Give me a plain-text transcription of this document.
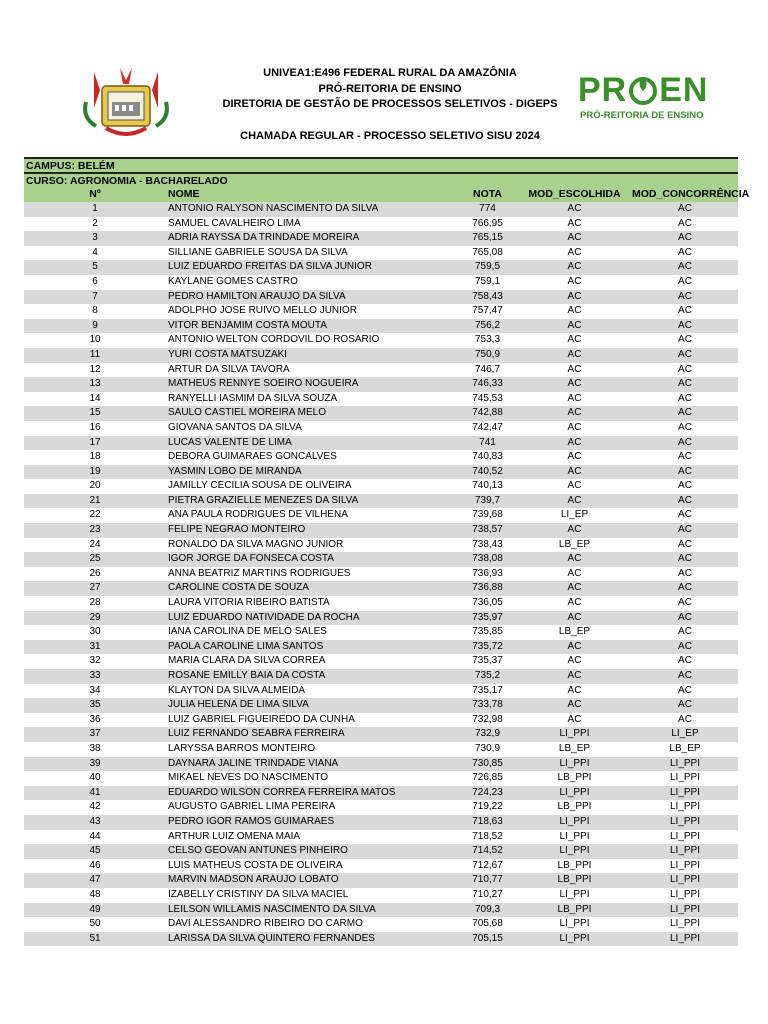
UNIVEA1:E496 FEDERAL RURAL DA AMAZÔNIA
PRÓ-REITORIA DE ENSINO
DIRETORIA DE GESTÃO DE PROCESSOS SELETIVOS - DIGEPS
CHAMADA REGULAR - PROCESSO SELETIVO SISU 2024
PR EN
PRÓ-REITORIA DE ENSINO
CAMPUS: BELÉM
CURSO: AGRONOMIA - BACHARELADO
Nº	NOME	NOTA	MOD_ESCOLHIDA	MOD_CONCORRÊNCIA
1	ANTONIO RALYSON NASCIMENTO DA SILVA	774	AC	AC
2	SAMUEL CAVALHEIRO LIMA	766,95	AC	AC
3	ADRIA RAYSSA DA TRINDADE MOREIRA	765,15	AC	AC
4	SILLIANE GABRIELE SOUSA DA SILVA	765,08	AC	AC
5	LUIZ EDUARDO FREITAS DA SILVA JUNIOR	759,5	AC	AC
6	KAYLANE GOMES CASTRO	759,1	AC	AC
7	PEDRO HAMILTON ARAUJO DA SILVA	758,43	AC	AC
8	ADOLPHO JOSE RUIVO MELLO JUNIOR	757,47	AC	AC
9	VITOR BENJAMIM COSTA MOUTA	756,2	AC	AC
10	ANTONIO WELTON CORDOVIL DO ROSARIO	753,3	AC	AC
11	YURI COSTA MATSUZAKI	750,9	AC	AC
12	ARTUR DA SILVA TAVORA	746,7	AC	AC
13	MATHEUS RENNYE SOEIRO NOGUEIRA	746,33	AC	AC
14	RANYELLI IASMIM DA SILVA SOUZA	745,53	AC	AC
15	SAULO CASTIEL MOREIRA MELO	742,88	AC	AC
16	GIOVANA SANTOS DA SILVA	742,47	AC	AC
17	LUCAS VALENTE DE LIMA	741	AC	AC
18	DEBORA GUIMARAES GONCALVES	740,83	AC	AC
19	YASMIN LOBO DE MIRANDA	740,52	AC	AC
20	JAMILLY CECILIA SOUSA DE OLIVEIRA	740,13	AC	AC
21	PIETRA GRAZIELLE MENEZES DA SILVA	739,7	AC	AC
22	ANA PAULA RODRIGUES DE VILHENA	739,68	LI_EP	AC
23	FELIPE NEGRAO MONTEIRO	738,57	AC	AC
24	RONALDO DA SILVA MAGNO JUNIOR	738,43	LB_EP	AC
25	IGOR JORGE DA FONSECA COSTA	738,08	AC	AC
26	ANNA BEATRIZ MARTINS RODRIGUES	736,93	AC	AC
27	CAROLINE COSTA DE SOUZA	736,88	AC	AC
28	LAURA VITORIA RIBEIRO BATISTA	736,05	AC	AC
29	LUIZ EDUARDO NATIVIDADE DA ROCHA	735,97	AC	AC
30	IANA CAROLINA DE MELO SALES	735,85	LB_EP	AC
31	PAOLA CAROLINE LIMA SANTOS	735,72	AC	AC
32	MARIA CLARA DA SILVA CORREA	735,37	AC	AC
33	ROSANE EMILLY BAIA DA COSTA	735,2	AC	AC
34	KLAYTON DA SILVA ALMEIDA	735,17	AC	AC
35	JULIA HELENA DE LIMA SILVA	733,78	AC	AC
36	LUIZ GABRIEL FIGUEIREDO DA CUNHA	732,98	AC	AC
37	LUIZ FERNANDO SEABRA FERREIRA	732,9	LI_PPI	LI_EP
38	LARYSSA BARROS MONTEIRO	730,9	LB_EP	LB_EP
39	DAYNARA JALINE TRINDADE VIANA	730,85	LI_PPI	LI_PPI
40	MIKAEL NEVES DO NASCIMENTO	726,85	LB_PPI	LI_PPI
41	EDUARDO WILSON CORREA FERREIRA MATOS	724,23	LI_PPI	LI_PPI
42	AUGUSTO GABRIEL LIMA PEREIRA	719,22	LB_PPI	LI_PPI
43	PEDRO IGOR RAMOS GUIMARAES	718,63	LI_PPI	LI_PPI
44	ARTHUR LUIZ OMENA MAIA	718,52	LI_PPI	LI_PPI
45	CELSO GEOVAN ANTUNES PINHEIRO	714,52	LI_PPI	LI_PPI
46	LUIS MATHEUS COSTA DE OLIVEIRA	712,67	LB_PPI	LI_PPI
47	MARVIN MADSON ARAUJO LOBATO	710,77	LB_PPI	LI_PPI
48	IZABELLY CRISTINY DA SILVA MACIEL	710,27	LI_PPI	LI_PPI
49	LEILSON WILLAMIS NASCIMENTO DA SILVA	709,3	LB_PPI	LI_PPI
50	DAVI ALESSANDRO RIBEIRO DO CARMO	705,68	LI_PPI	LI_PPI
51	LARISSA DA SILVA QUINTERO FERNANDES	705,15	LI_PPI	LI_PPI
